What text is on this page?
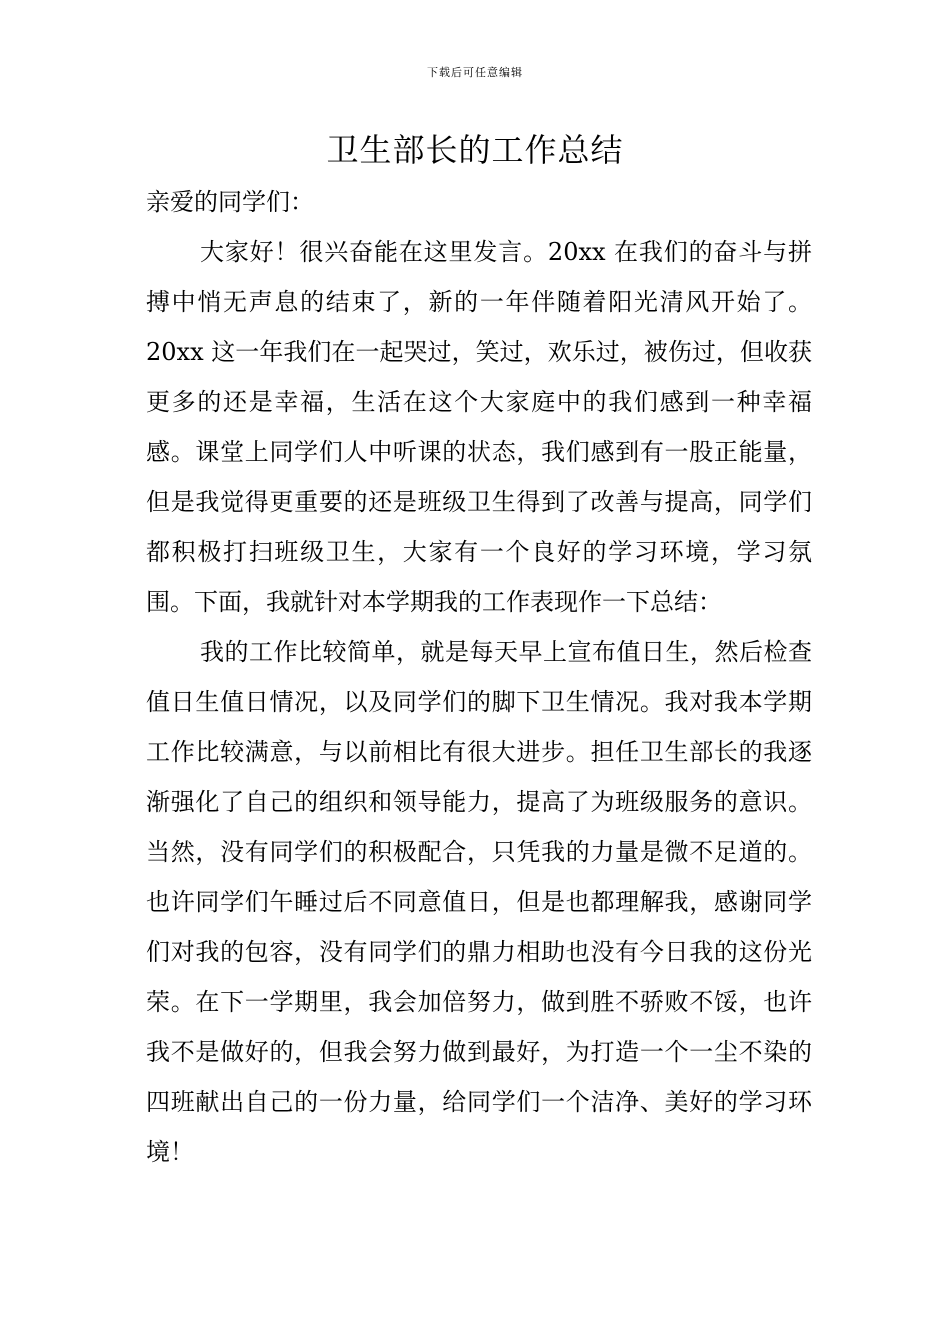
下载后可任意编辑
卫生部长的工作总结

亲爱的同学们：

大家好！很兴奋能在这里发言。20xx 在我们的奋斗与拼搏中悄无声息的结束了，新的一年伴随着阳光清风开始了。20xx 这一年我们在一起哭过，笑过，欢乐过，被伤过，但收获更多的还是幸福，生活在这个大家庭中的我们感到一种幸福感。课堂上同学们人中听课的状态，我们感到有一股正能量，但是我觉得更重要的还是班级卫生得到了改善与提高，同学们都积极打扫班级卫生，大家有一个良好的学习环境，学习氛围。下面，我就针对本学期我的工作表现作一下总结：

我的工作比较简单，就是每天早上宣布值日生，然后检查值日生值日情况，以及同学们的脚下卫生情况。我对我本学期工作比较满意，与以前相比有很大进步。担任卫生部长的我逐渐强化了自己的组织和领导能力，提高了为班级服务的意识。当然，没有同学们的积极配合，只凭我的力量是微不足道的。也许同学们午睡过后不同意值日，但是也都理解我，感谢同学们对我的包容，没有同学们的鼎力相助也没有今日我的这份光荣。在下一学期里，我会加倍努力，做到胜不骄败不馁，也许我不是做好的，但我会努力做到最好，为打造一个一尘不染的四班献出自己的一份力量，给同学们一个洁净、美好的学习环境！
